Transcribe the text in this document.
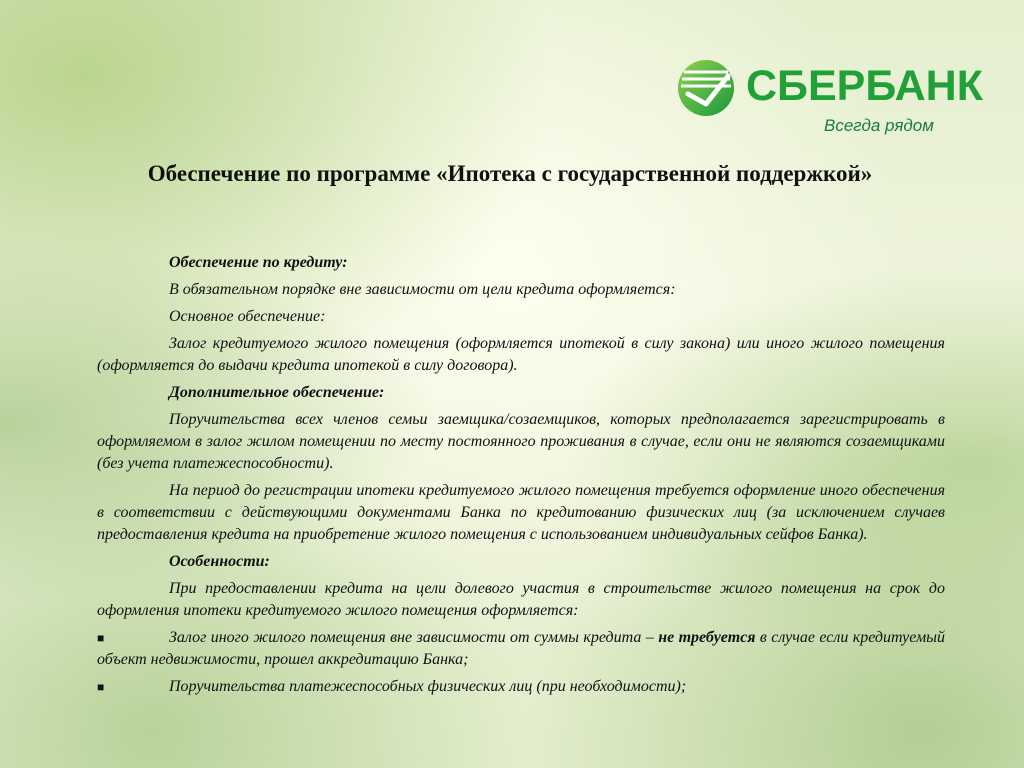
СБЕРБАНК
Всегда рядом
Обеспечение по программе «Ипотека с государственной поддержкой»

Обеспечение по кредиту:

В обязательном порядке вне зависимости от цели кредита оформляется:

Основное обеспечение:

Залог кредитуемого жилого помещения (оформляется ипотекой в силу закона) или иного жилого помещения (оформляется до выдачи кредита ипотекой в силу договора).

Дополнительное обеспечение:

Поручительства всех членов семьи заемщика/созаемщиков, которых предполагается зарегистрировать в оформляемом в залог жилом помещении по месту постоянного проживания в случае, если они не являются созаемщиками (без учета платежеспособности).

На период до регистрации ипотеки кредитуемого жилого помещения требуется оформление иного обеспечения в соответствии с действующими документами Банка по кредитованию физических лиц (за исключением случаев предоставления кредита на приобретение жилого помещения с использованием индивидуальных сейфов Банка).

Особенности:

При предоставлении кредита на цели долевого участия в строительстве жилого помещения на срок до оформления ипотеки кредитуемого жилого помещения оформляется:

■	Залог иного жилого помещения вне зависимости от суммы кредита – не требуется в случае если кредитуемый объект недвижимости, прошел аккредитацию Банка;

■	Поручительства платежеспособных физических лиц (при необходимости);
